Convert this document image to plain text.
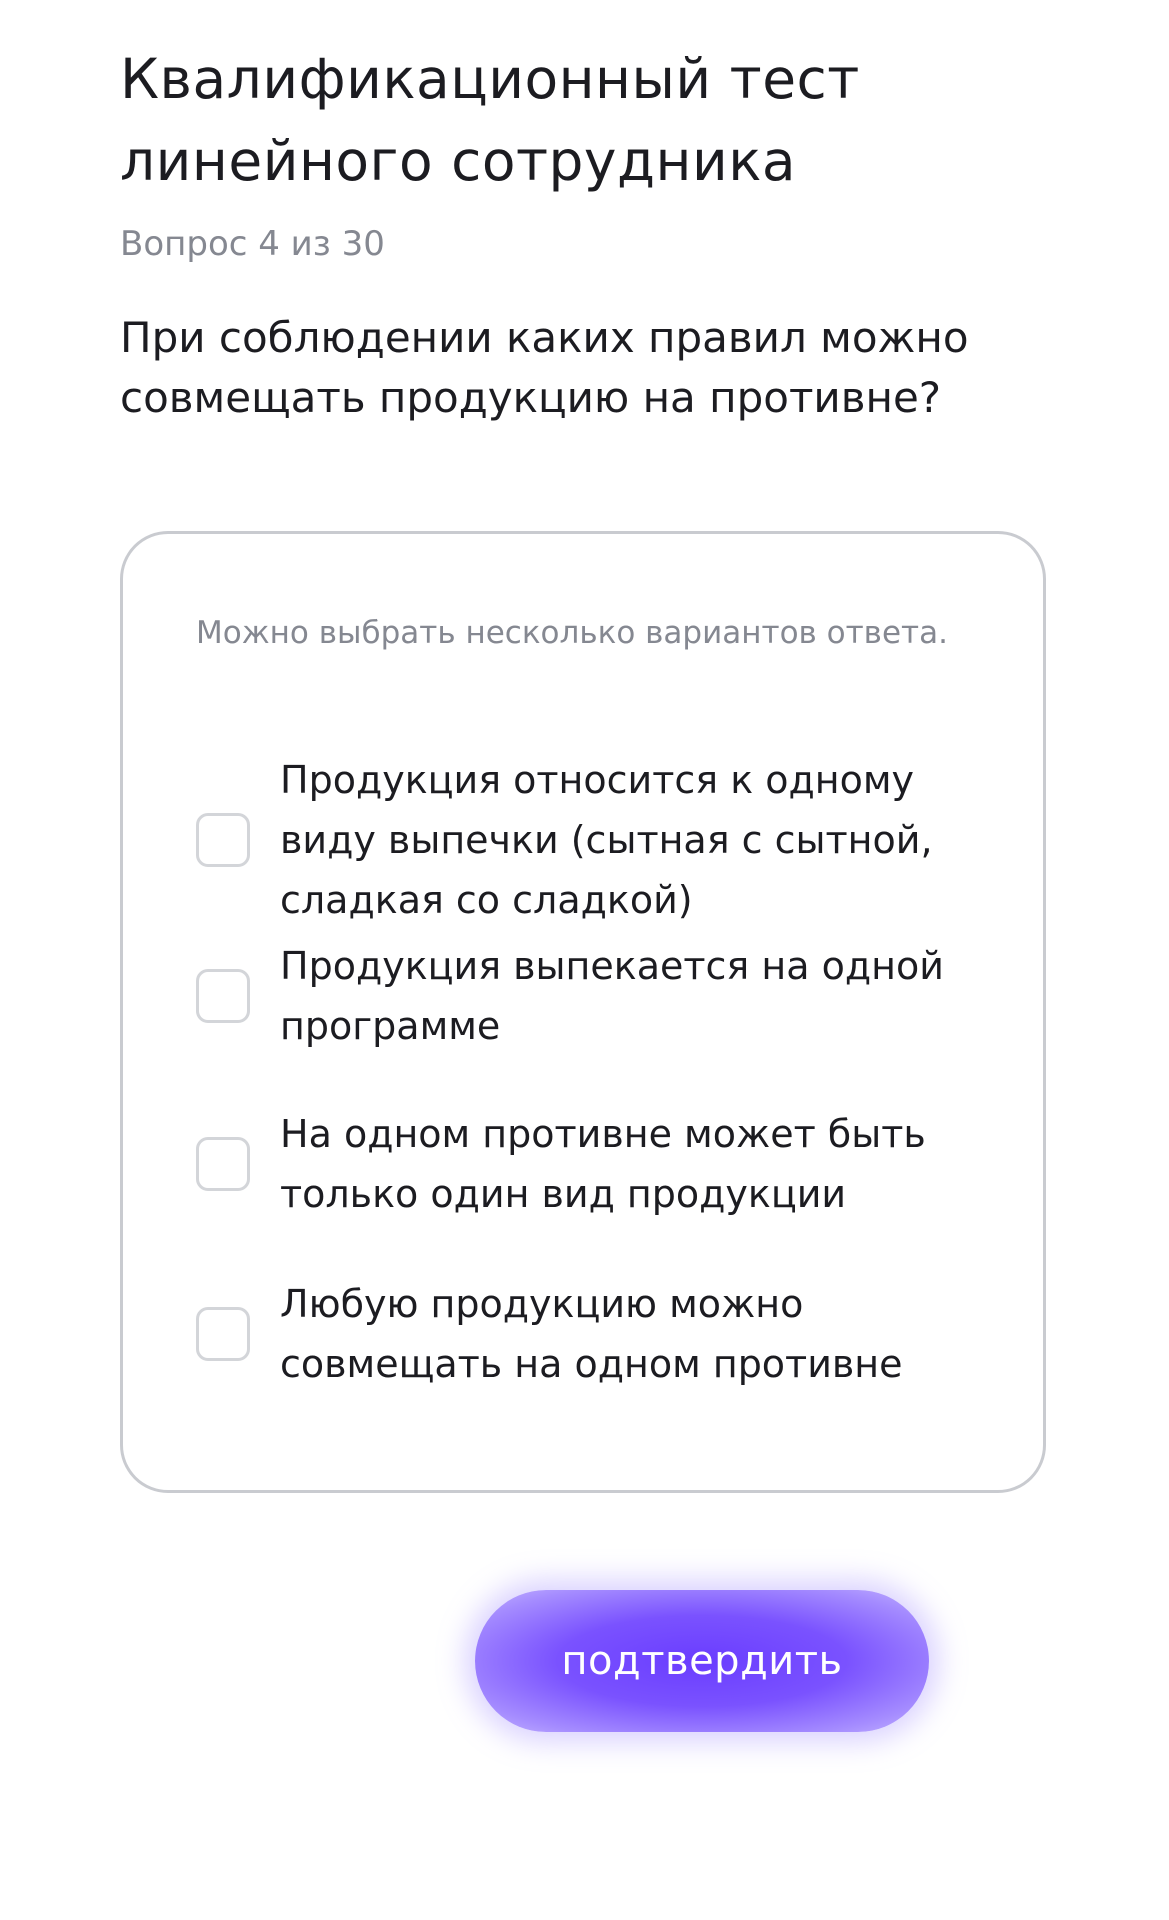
Квалификационный тест линейного сотрудника
Вопрос 4 из 30

При соблюдении каких правил можно совмещать продукцию на противне?

Можно выбрать несколько вариантов ответа.
Продукция относится к одному виду выпечки (сытная с сытной, сладкая со сладкой)
Продукция выпекается на одной программе
На одном противне может быть только один вид продукции
Любую продукцию можно совмещать на одном противне
подтвердить
